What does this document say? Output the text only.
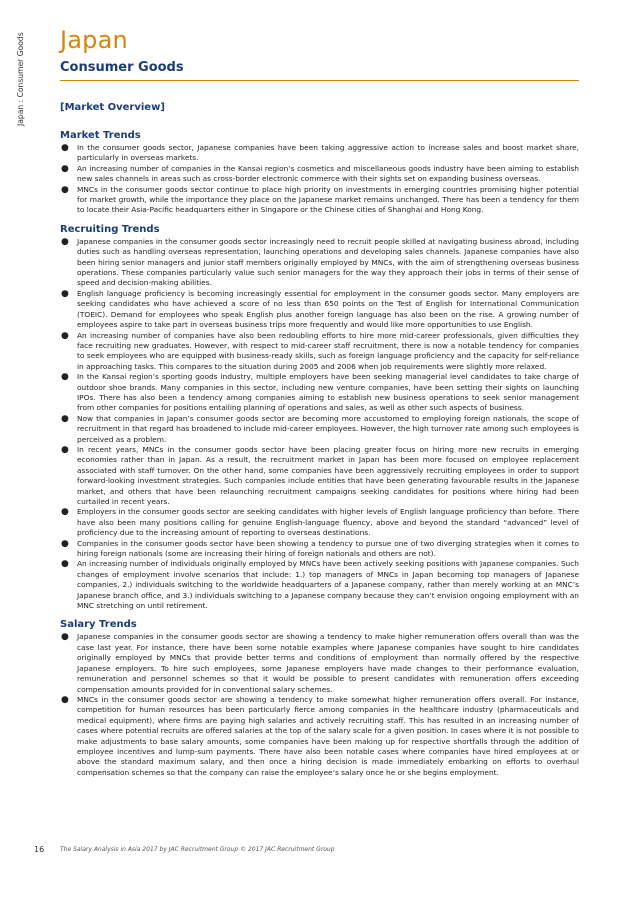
Japan : Consumer Goods Japan
Consumer Goods
[Market Overview]
Market Trends
● In the consumer goods sector, Japanese companies have been taking aggressive action to increase sales and boost market share, particularly in overseas markets.
● An increasing number of companies in the Kansai region’s cosmetics and miscellaneous goods industry have been aiming to establish new sales channels in areas such as cross-border electronic commerce with their sights set on expanding business overseas.
● MNCs in the consumer goods sector continue to place high priority on investments in emerging countries promising higher potential for market growth, while the importance they place on the Japanese market remains unchanged. There has been a tendency for them to locate their Asia-Pacific headquarters either in Singapore or the Chinese cities of Shanghai and Hong Kong.
Recruiting Trends
● Japanese companies in the consumer goods sector increasingly need to recruit people skilled at navigating business abroad, including duties such as handling overseas representation, launching operations and developing sales channels. Japanese companies have also been hiring senior managers and junior staff members originally employed by MNCs, with the aim of strengthening overseas business operations. These companies particularly value such senior managers for the way they approach their jobs in terms of their sense of speed and decision-making abilities.
● English language proficiency is becoming increasingly essential for employment in the consumer goods sector. Many employers are seeking candidates who have achieved a score of no less than 650 points on the Test of English for International Communication (TOEIC). Demand for employees who speak English plus another foreign language has also been on the rise. A growing number of employees aspire to take part in overseas business trips more frequently and would like more opportunities to use English.
● An increasing number of companies have also been redoubling efforts to hire more mid-career professionals, given difficulties they face recruiting new graduates. However, with respect to mid-career staff recruitment, there is now a notable tendency for companies to seek employees who are equipped with business-ready skills, such as foreign language proficiency and the capacity for self-reliance in approaching tasks. This compares to the situation during 2005 and 2006 when job requirements were slightly more relaxed.
● In the Kansai region’s sporting goods industry, multiple employers have been seeking managerial level candidates to take charge of outdoor shoe brands. Many companies in this sector, including new venture companies, have been setting their sights on launching IPOs. There has also been a tendency among companies aiming to establish new business operations to seek senior management from other companies for positions entailing planning of operations and sales, as well as other such aspects of business.
● Now that companies in Japan’s consumer goods sector are becoming more accustomed to employing foreign nationals, the scope of recruitment in that regard has broadened to include mid-career employees. However, the high turnover rate among such employees is perceived as a problem.
● In recent years, MNCs in the consumer goods sector have been placing greater focus on hiring more new recruits in emerging economies rather than in Japan. As a result, the recruitment market in Japan has been more focused on employee replacement associated with staff turnover. On the other hand, some companies have been aggressively recruiting employees in order to support forward-looking investment strategies. Such companies include entities that have been generating favourable results in the Japanese market, and others that have been relaunching recruitment campaigns seeking candidates for positions where hiring had been curtailed in recent years.
● Employers in the consumer goods sector are seeking candidates with higher levels of English language proficiency than before. There have also been many positions calling for genuine English-language fluency, above and beyond the standard “advanced” level of proficiency due to the increasing amount of reporting to overseas destinations.
● Companies in the consumer goods sector have been showing a tendency to pursue one of two diverging strategies when it comes to hiring foreign nationals (some are increasing their hiring of foreign nationals and others are not).
● An increasing number of individuals originally employed by MNCs have been actively seeking positions with Japanese companies. Such changes of employment involve scenarios that include: 1.) top managers of MNCs in Japan becoming top managers of Japanese companies, 2.) individuals switching to the worldwide headquarters of a Japanese company, rather than merely working at an MNC’s Japanese branch office, and 3.) individuals switching to a Japanese company because they can’t envision ongoing employment with an MNC stretching on until retirement.
Salary Trends
● Japanese companies in the consumer goods sector are showing a tendency to make higher remuneration offers overall than was the case last year. For instance, there have been some notable examples where Japanese companies have sought to hire candidates originally employed by MNCs that provide better terms and conditions of employment than normally offered by the respective Japanese employers. To hire such employees, some Japanese employers have made changes to their performance evaluation, remuneration and personnel schemes so that it would be possible to present candidates with remuneration offers exceeding compensation amounts provided for in conventional salary schemes.
● MNCs in the consumer goods sector are showing a tendency to make somewhat higher remuneration offers overall. For instance, competition for human resources has been particularly fierce among companies in the healthcare industry (pharmaceuticals and medical equipment), where firms are paying high salaries and actively recruiting staff. This has resulted in an increasing number of cases where potential recruits are offered salaries at the top of the salary scale for a given position. In cases where it is not possible to make adjustments to base salary amounts, some companies have been making up for respective shortfalls through the addition of employee incentives and lump-sum payments. There have also been notable cases where companies have hired employees at or above the standard maximum salary, and then once a hiring decision is made immediately embarking on efforts to overhaul compensation schemes so that the company can raise the employee’s salary once he or she begins employment.
16	The Salary Analysis in Asia 2017 by JAC Recruitment Group © 2017 JAC Recruitment Group
